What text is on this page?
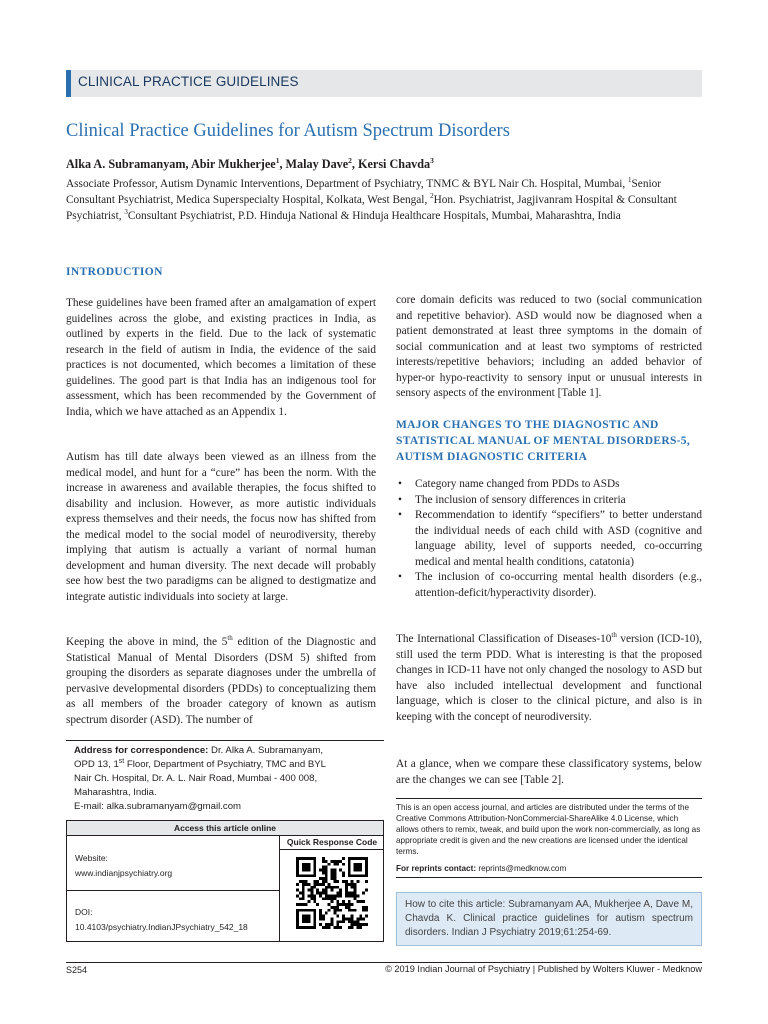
CLINICAL PRACTICE GUIDELINES
Clinical Practice Guidelines for Autism Spectrum Disorders
Alka A. Subramanyam, Abir Mukherjee$^1$, Malay Dave$^2$, Kersi Chavda$^3$
Associate Professor, Autism Dynamic Interventions, Department of Psychiatry, TNMC & BYL Nair Ch. Hospital, Mumbai, $^1$Senior Consultant Psychiatrist, Medica Superspecialty Hospital, Kolkata, West Bengal, $^2$Hon. Psychiatrist, Jagjivanram Hospital & Consultant Psychiatrist, $^3$Consultant Psychiatrist, P.D. Hinduja National & Hinduja Healthcare Hospitals, Mumbai, Maharashtra, India
INTRODUCTION

These guidelines have been framed after an amalgamation of expert guidelines across the globe, and existing practices in India, as outlined by experts in the field. Due to the lack of systematic research in the field of autism in India, the evidence of the said practices is not documented, which becomes a limitation of these guidelines. The good part is that India has an indigenous tool for assessment, which has been recommended by the Government of India, which we have attached as an Appendix 1.

Autism has till date always been viewed as an illness from the medical model, and hunt for a “cure” has been the norm. With the increase in awareness and available therapies, the focus shifted to disability and inclusion. However, as more autistic individuals express themselves and their needs, the focus now has shifted from the medical model to the social model of neurodiversity, thereby implying that autism is actually a variant of normal human development and human diversity. The next decade will probably see how best the two paradigms can be aligned to destigmatize and integrate autistic individuals into society at large.

Keeping the above in mind, the 5th edition of the Diagnostic and Statistical Manual of Mental Disorders (DSM 5) shifted from grouping the disorders as separate diagnoses under the umbrella of pervasive developmental disorders (PDDs) to conceptualizing them as all members of the broader category of known as autism spectrum disorder (ASD). The number of

core domain deficits was reduced to two (social communication and repetitive behavior). ASD would now be diagnosed when a patient demonstrated at least three symptoms in the domain of social communication and at least two symptoms of restricted interests/repetitive behaviors; including an added behavior of hyper-or hypo-reactivity to sensory input or unusual interests in sensory aspects of the environment [Table 1].

MAJOR CHANGES TO THE DIAGNOSTIC AND STATISTICAL MANUAL OF MENTAL DISORDERS-5, AUTISM DIAGNOSTIC CRITERIA
• Category name changed from PDDs to ASDs
• The inclusion of sensory differences in criteria
• Recommendation to identify “specifiers” to better understand the individual needs of each child with ASD (cognitive and language ability, level of supports needed, co-occurring medical and mental health conditions, catatonia)
• The inclusion of co-occurring mental health disorders (e.g., attention-deficit/hyperactivity disorder).

The International Classification of Diseases-10th version (ICD-10), still used the term PDD. What is interesting is that the proposed changes in ICD-11 have not only changed the nosology to ASD but have also included intellectual development and functional language, which is closer to the clinical picture, and also is in keeping with the concept of neurodiversity.

At a glance, when we compare these classificatory systems, below are the changes we can see [Table 2].

Address for correspondence: Dr. Alka A. Subramanyam,
OPD 13, 1st Floor, Department of Psychiatry, TMC and BYL
Nair Ch. Hospital, Dr. A. L. Nair Road, Mumbai - 400 008,
Maharashtra, India.
E-mail: alka.subramanyam@gmail.com
Access this article online
Website:
www.indianjpsychiatry.org
DOI:
10.4103/psychiatry.IndianJPsychiatry_542_18
Quick Response Code
This is an open access journal, and articles are distributed under the terms of the Creative Commons Attribution-NonCommercial-ShareAlike 4.0 License, which allows others to remix, tweak, and build upon the work non-commercially, as long as appropriate credit is given and the new creations are licensed under the identical terms.
For reprints contact: reprints@medknow.com
How to cite this article: Subramanyam AA, Mukherjee A, Dave M, Chavda K. Clinical practice guidelines for autism spectrum disorders. Indian J Psychiatry 2019;61:254-69.
S254	© 2019 Indian Journal of Psychiatry | Published by Wolters Kluwer - Medknow
